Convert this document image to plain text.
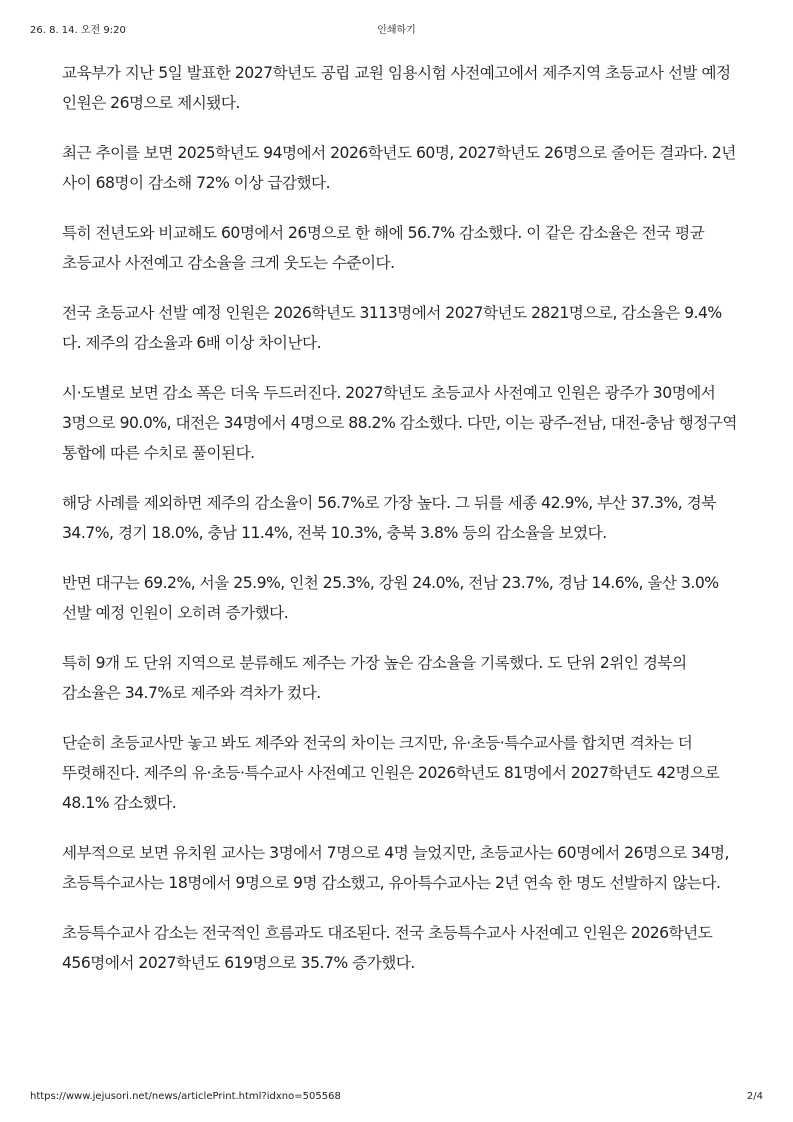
26. 8. 14. 오전 9:20	인쇄하기

교육부가 지난 5일 발표한 2027학년도 공립 교원 임용시험 사전예고에서 제주지역 초등교사 선발 예정 인원은 26명으로 제시됐다.

최근 추이를 보면 2025학년도 94명에서 2026학년도 60명, 2027학년도 26명으로 줄어든 결과다. 2년 사이 68명이 감소해 72% 이상 급감했다.

특히 전년도와 비교해도 60명에서 26명으로 한 해에 56.7% 감소했다. 이 같은 감소율은 전국 평균 초등교사 사전예고 감소율을 크게 웃도는 수준이다.

전국 초등교사 선발 예정 인원은 2026학년도 3113명에서 2027학년도 2821명으로, 감소율은 9.4%다. 제주의 감소율과 6배 이상 차이난다.

시·도별로 보면 감소 폭은 더욱 두드러진다. 2027학년도 초등교사 사전예고 인원은 광주가 30명에서 3명으로 90.0%, 대전은 34명에서 4명으로 88.2% 감소했다. 다만, 이는 광주-전남, 대전-충남 행정구역 통합에 따른 수치로 풀이된다.

해당 사례를 제외하면 제주의 감소율이 56.7%로 가장 높다. 그 뒤를 세종 42.9%, 부산 37.3%, 경북 34.7%, 경기 18.0%, 충남 11.4%, 전북 10.3%, 충북 3.8% 등의 감소율을 보였다.

반면 대구는 69.2%, 서울 25.9%, 인천 25.3%, 강원 24.0%, 전남 23.7%, 경남 14.6%, 울산 3.0% 선발 예정 인원이 오히려 증가했다.

특히 9개 도 단위 지역으로 분류해도 제주는 가장 높은 감소율을 기록했다. 도 단위 2위인 경북의 감소율은 34.7%로 제주와 격차가 컸다.

단순히 초등교사만 놓고 봐도 제주와 전국의 차이는 크지만, 유·초등·특수교사를 합치면 격차는 더 뚜렷해진다. 제주의 유·초등·특수교사 사전예고 인원은 2026학년도 81명에서 2027학년도 42명으로 48.1% 감소했다.

세부적으로 보면 유치원 교사는 3명에서 7명으로 4명 늘었지만, 초등교사는 60명에서 26명으로 34명, 초등특수교사는 18명에서 9명으로 9명 감소했고, 유아특수교사는 2년 연속 한 명도 선발하지 않는다.

초등특수교사 감소는 전국적인 흐름과도 대조된다. 전국 초등특수교사 사전예고 인원은 2026학년도 456명에서 2027학년도 619명으로 35.7% 증가했다.

https://www.jejusori.net/news/articlePrint.html?idxno=505568	2/4
